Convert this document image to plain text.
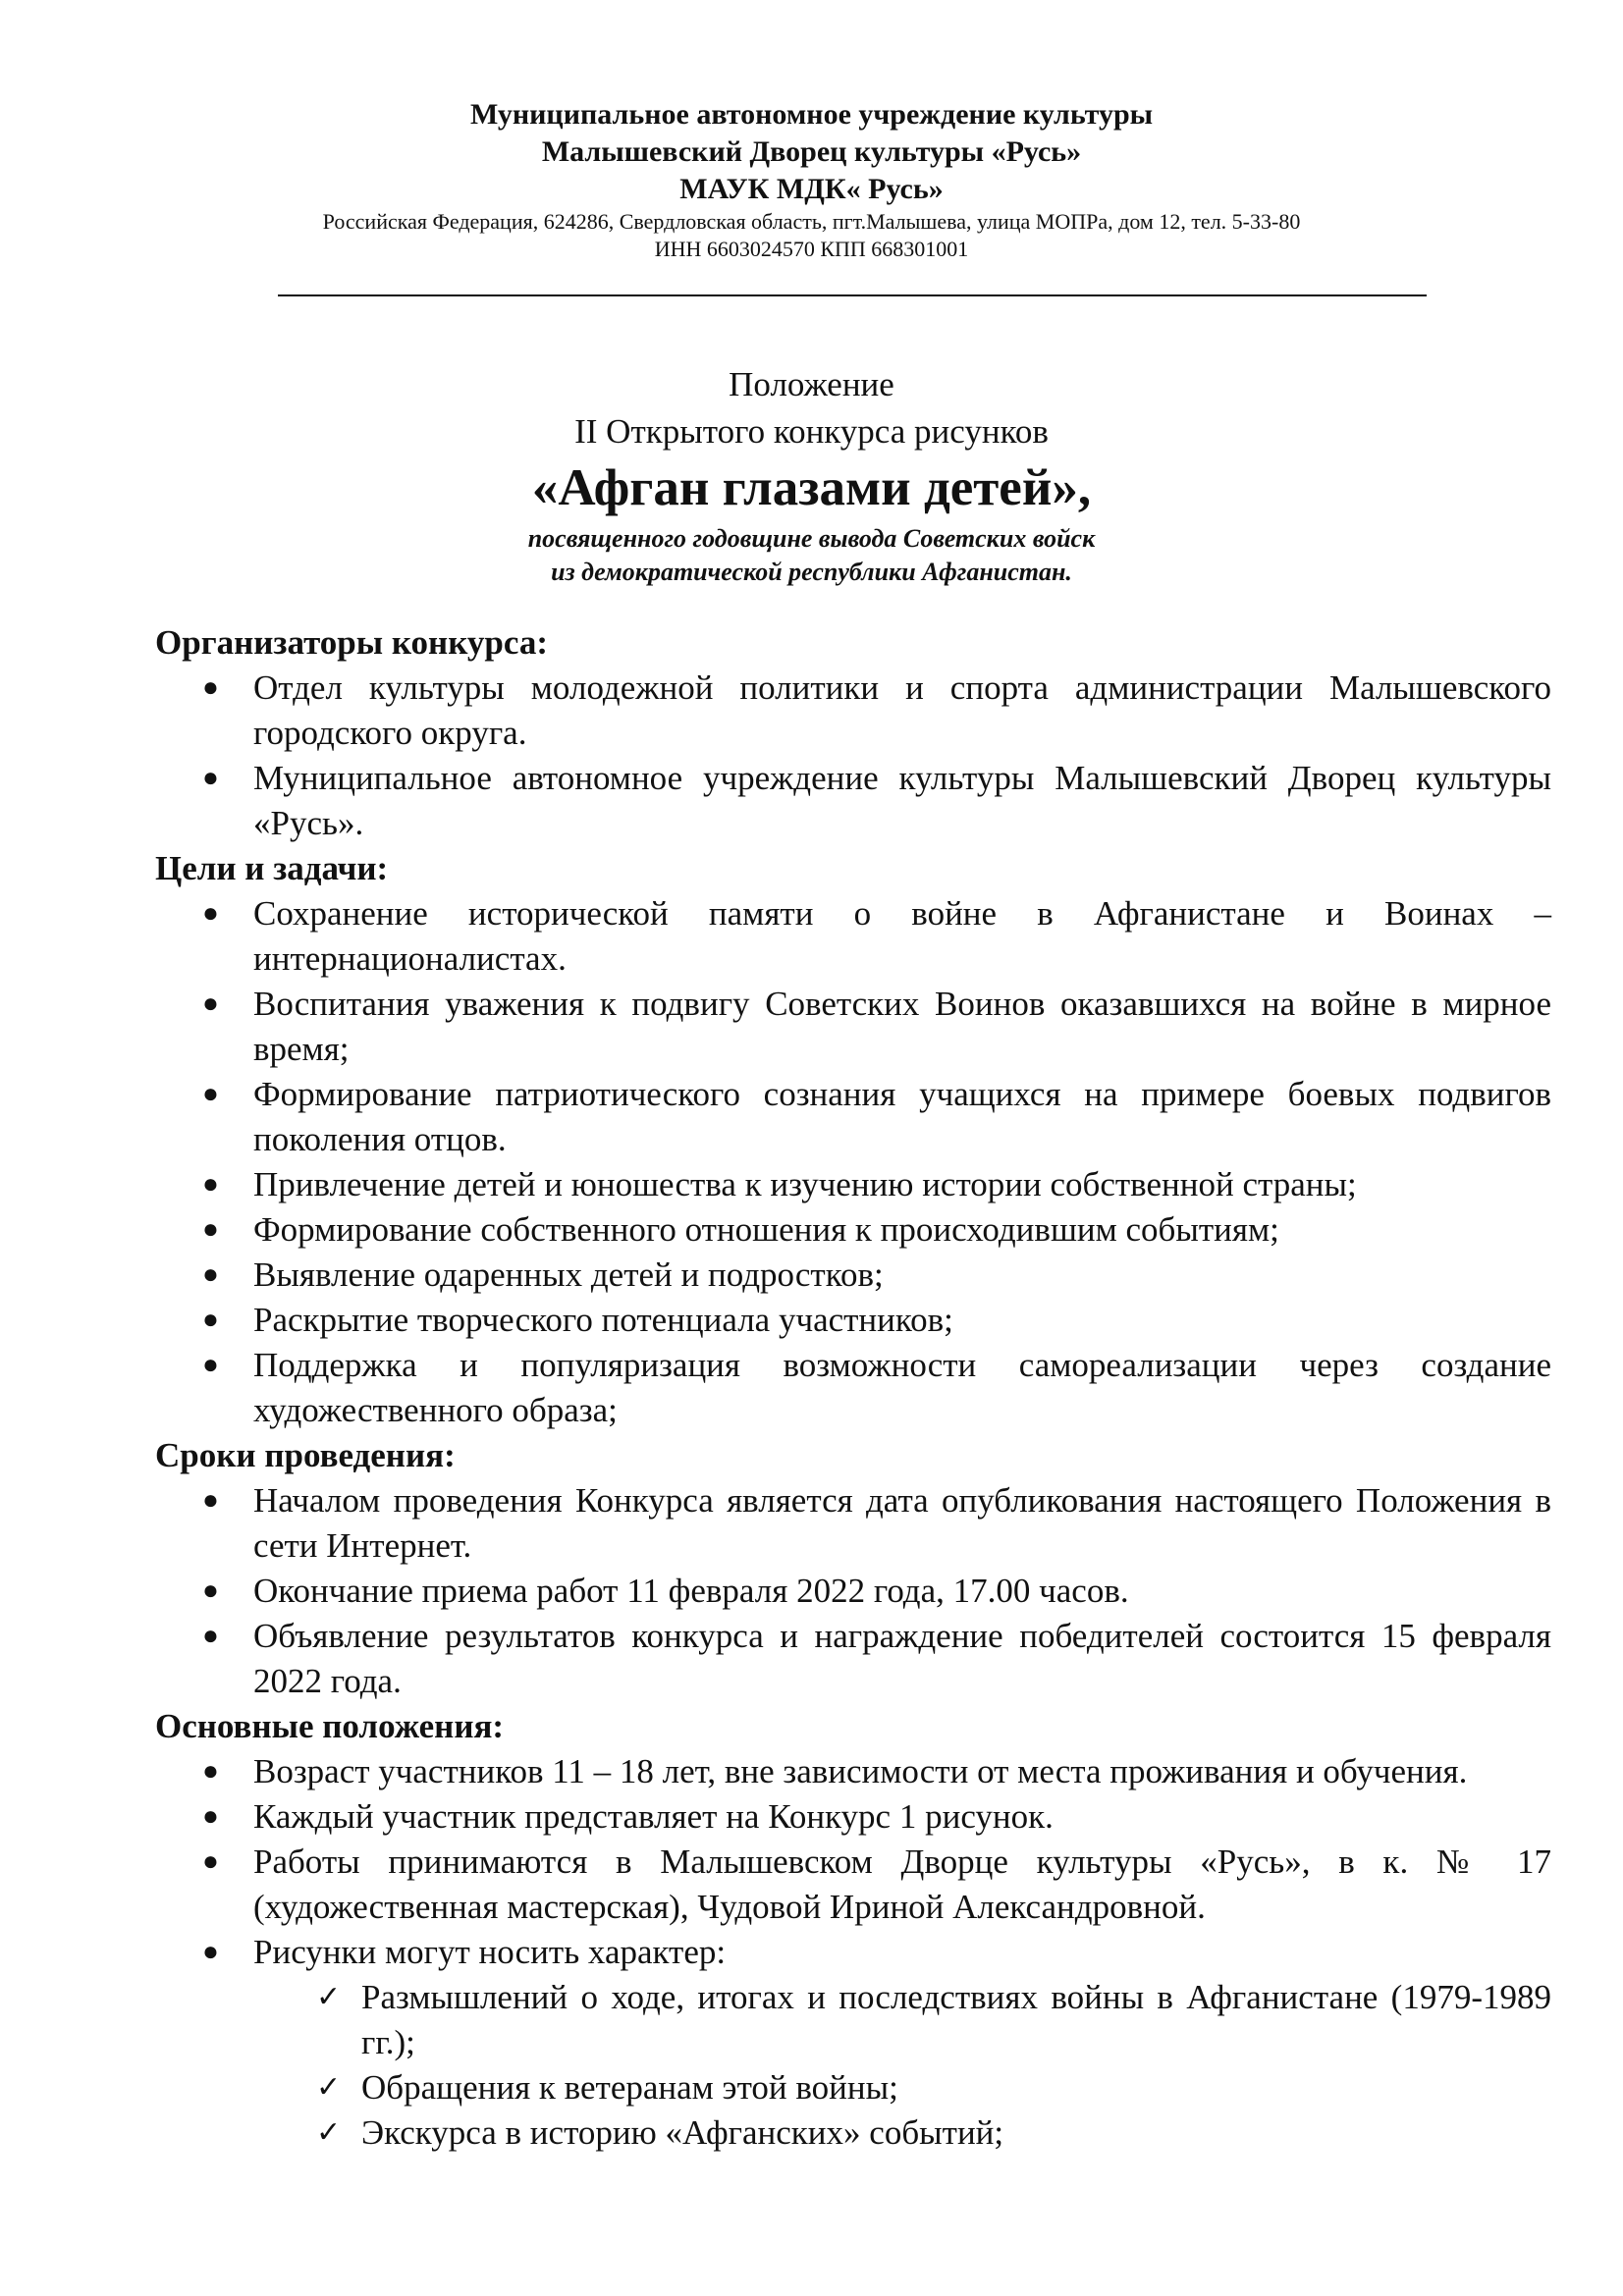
Муниципальное автономное учреждение культуры
Малышевский Дворец культуры «Русь»
МАУК МДК« Русь»
Российская Федерация, 624286, Свердловская область, пгт.Малышева, улица МОПРа, дом 12, тел. 5-33-80
ИНН 6603024570 КПП 668301001
Положение
II Открытого конкурса рисунков
«Афган глазами детей»,
посвященного годовщине вывода Советских войск
из демократической республики Афганистан.

Организаторы конкурса:

● Отдел культуры молодежной политики и спорта администрации Малышевского городского округа.
● Муниципальное автономное учреждение культуры Малышевский Дворец культуры «Русь».

Цели и задачи:

● Сохранение исторической памяти о войне в Афганистане и Воинах – интернационалистах.
● Воспитания уважения к подвигу Советских Воинов оказавшихся на войне в мирное время;
● Формирование патриотического сознания учащихся на примере боевых подвигов поколения отцов.
● Привлечение детей и юношества к изучению истории собственной страны;
● Формирование собственного отношения к происходившим событиям;
● Выявление одаренных детей и подростков;
● Раскрытие творческого потенциала участников;
● Поддержка и популяризация возможности самореализации через создание художественного образа;

Сроки проведения:

● Началом проведения Конкурса является дата опубликования настоящего Положения в сети Интернет.
● Окончание приема работ 11 февраля 2022 года, 17.00 часов.
● Объявление результатов конкурса и награждение победителей состоится 15 февраля 2022 года.

Основные положения:

● Возраст участников 11 – 18 лет, вне зависимости от места проживания и обучения.
● Каждый участник представляет на Конкурс 1 рисунок.
● Работы принимаются в Малышевском Дворце культуры «Русь», в к. № 17 (художественная мастерская), Чудовой Ириной Александровной.
● Рисунки могут носить характер:
✓ Размышлений о ходе, итогах и последствиях войны в Афганистане (1979-1989 гг.);
✓ Обращения к ветеранам этой войны;
✓ Экскурса в историю «Афганских» событий;
